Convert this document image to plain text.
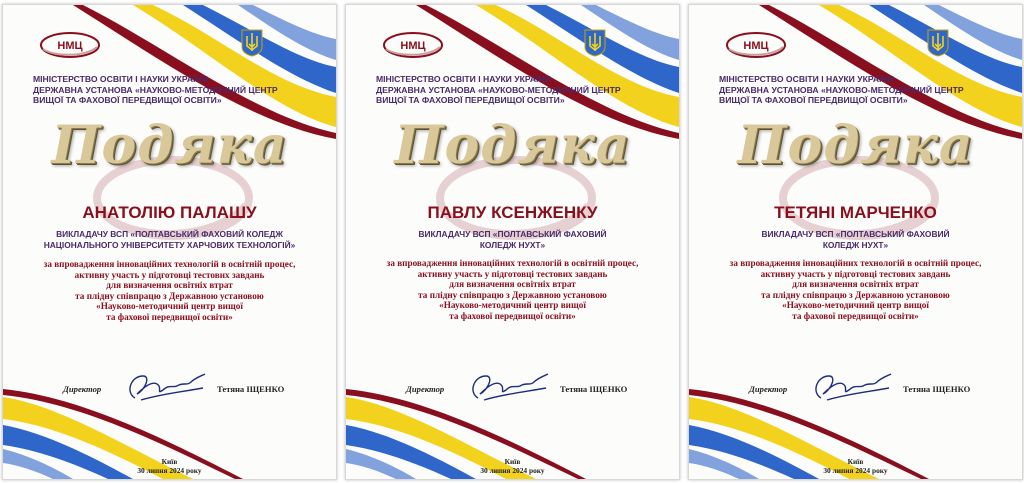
НМЦ
МІНІСТЕРСТВО ОСВІТИ І НАУКИ УКРАЇНИ
ДЕРЖАВНА УСТАНОВА «НАУКОВО-МЕТОДИЧНИЙ ЦЕНТР
ВИЩОЇ ТА ФАХОВОЇ ПЕРЕДВИЩОЇ ОСВІТИ»
Подяка
АНАТОЛІЮ ПАЛАШУ
ВИКЛАДАЧУ ВСП «ПОЛТАВСЬКИЙ ФАХОВИЙ КОЛЕДЖ
НАЦІОНАЛЬНОГО УНІВЕРСИТЕТУ ХАРЧОВИХ ТЕХНОЛОГІЙ»
за впровадження інноваційних технологій в освітній процес,
активну участь у підготовці тестових завдань
для визначення освітніх втрат
та плідну співпрацю з Державною установою
«Науково-методичний центр вищої
та фахової передвищої освіти»
Директор	Тетяна ІЩЕНКО
Київ
30 липня 2024 року
НМЦ
МІНІСТЕРСТВО ОСВІТИ І НАУКИ УКРАЇНИ
ДЕРЖАВНА УСТАНОВА «НАУКОВО-МЕТОДИЧНИЙ ЦЕНТР
ВИЩОЇ ТА ФАХОВОЇ ПЕРЕДВИЩОЇ ОСВІТИ»
Подяка
ПАВЛУ КСЕНЖЕНКУ
ВИКЛАДАЧУ ВСП «ПОЛТАВСЬКИЙ ФАХОВИЙ
КОЛЕДЖ НУХТ»
за впровадження інноваційних технологій в освітній процес,
активну участь у підготовці тестових завдань
для визначення освітніх втрат
та плідну співпрацю з Державною установою
«Науково-методичний центр вищої
та фахової передвищої освіти»
Директор	Тетяна ІЩЕНКО
Київ
30 липня 2024 року
НМЦ
МІНІСТЕРСТВО ОСВІТИ І НАУКИ УКРАЇНИ
ДЕРЖАВНА УСТАНОВА «НАУКОВО-МЕТОДИЧНИЙ ЦЕНТР
ВИЩОЇ ТА ФАХОВОЇ ПЕРЕДВИЩОЇ ОСВІТИ»
Подяка
ТЕТЯНІ МАРЧЕНКО
ВИКЛАДАЧУ ВСП «ПОЛТАВСЬКИЙ ФАХОВИЙ
КОЛЕДЖ НУХТ»
за впровадження інноваційних технологій в освітній процес,
активну участь у підготовці тестових завдань
для визначення освітніх втрат
та плідну співпрацю з Державною установою
«Науково-методичний центр вищої
та фахової передвищої освіти»
Директор	Тетяна ІЩЕНКО
Київ
30 липня 2024 року
